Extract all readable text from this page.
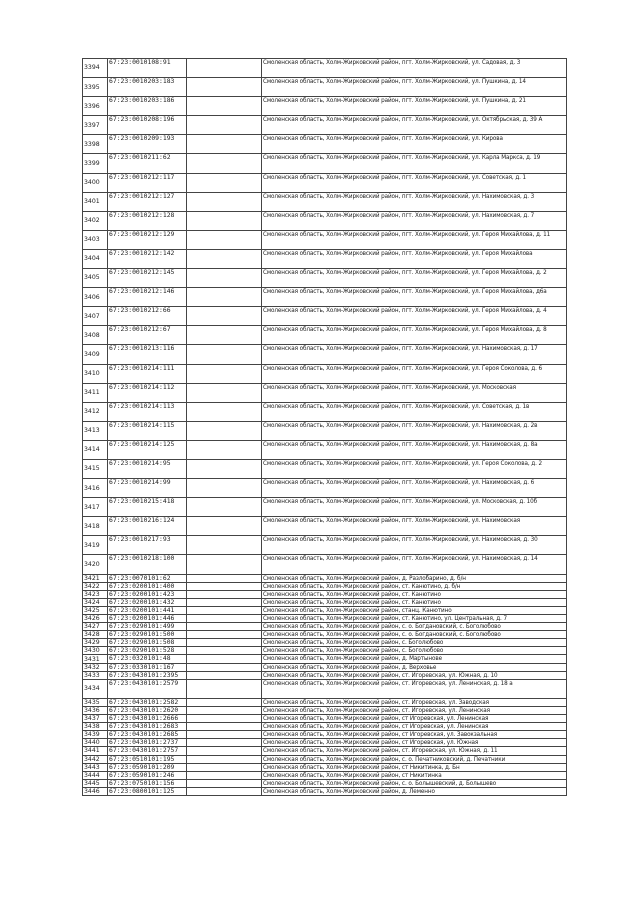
3394	67:23:0010108:91		Смоленская область, Холм-Жирковский район, пгт. Холм-Жирковский, ул. Садовая, д. 3
3395	67:23:0010203:183		Смоленская область, Холм-Жирковский район, пгт. Холм-Жирковский, ул. Пушкина, д. 14
3396	67:23:0010203:186		Смоленская область, Холм-Жирковский район, пгт. Холм-Жирковский, ул. Пушкина, д. 21
3397	67:23:0010208:196		Смоленская область, Холм-Жирковский район, пгт. Холм-Жирковский, ул. Октябрьская, д. 39 А
3398	67:23:0010209:193		Смоленская область, Холм-Жирковский район, пгт. Холм-Жирковский, ул. Кирова
3399	67:23:0010211:62		Смоленская область, Холм-Жирковский район, пгт. Холм-Жирковский, ул. Карла Маркса, д. 19
3400	67:23:0010212:117		Смоленская область, Холм-Жирковский район, пгт. Холм-Жирковский, ул. Советская, д. 1
3401	67:23:0010212:127		Смоленская область, Холм-Жирковский район, пгт. Холм-Жирковский, ул. Нахимовская, д. 3
3402	67:23:0010212:128		Смоленская область, Холм-Жирковский район, пгт. Холм-Жирковский, ул. Нахимовская, д. 7
3403	67:23:0010212:129		Смоленская область, Холм-Жирковский район, пгт. Холм-Жирковский, ул. Героя Михайлова, д. 11
3404	67:23:0010212:142		Смоленская область, Холм-Жирковский район, пгт. Холм-Жирковский, ул. Героя Михайлова
3405	67:23:0010212:145		Смоленская область, Холм-Жирковский район, пгт. Холм-Жирковский, ул. Героя Михайлова, д. 2
3406	67:23:0010212:146		Смоленская область, Холм-Жирковский район, пгт. Холм-Жирковский, ул. Героя Михайлова, д6а
3407	67:23:0010212:66		Смоленская область, Холм-Жирковский район, пгт. Холм-Жирковский, ул. Героя Михайлова, д. 4
3408	67:23:0010212:67		Смоленская область, Холм-Жирковский район, пгт. Холм-Жирковский, ул. Героя Михайлова, д. 8
3409	67:23:0010213:116		Смоленская область, Холм-Жирковский район, пгт. Холм-Жирковский, ул. Нахимовская, д. 17
3410	67:23:0010214:111		Смоленская область, Холм-Жирковский район, пгт. Холм-Жирковский, ул. Героя Соколова, д. 6
3411	67:23:0010214:112		Смоленская область, Холм-Жирковский район, пгт. Холм-Жирковский, ул. Московская
3412	67:23:0010214:113		Смоленская область, Холм-Жирковский район, пгт. Холм-Жирковский, ул. Советская, д. 1в
3413	67:23:0010214:115		Смоленская область, Холм-Жирковский район, пгт. Холм-Жирковский, ул. Нахимовская, д. 2в
3414	67:23:0010214:125		Смоленская область, Холм-Жирковский район, пгт. Холм-Жирковский, ул. Нахимовская, д. 8а
3415	67:23:0010214:95		Смоленская область, Холм-Жирковский район, пгт. Холм-Жирковский, ул. Героя Соколова, д. 2
3416	67:23:0010214:99		Смоленская область, Холм-Жирковский район, пгт. Холм-Жирковский, ул. Нахимовская, д. 6
3417	67:23:0010215:418		Смоленская область, Холм-Жирковский район, пгт. Холм-Жирковский, ул. Московская, д. 10б
3418	67:23:0010216:124		Смоленская область, Холм-Жирковский район, пгт. Холм-Жирковский, ул. Нахимовская
3419	67:23:0010217:93		Смоленская область, Холм-Жирковский район, пгт. Холм-Жирковский, ул. Нахимовская, д. 30
3420	67:23:0010218:100		Смоленская область, Холм-Жирковский район, пгт. Холм-Жирковский, ул. Нахимовская, д. 14
3421	67:23:0070101:62		Смоленская область, Холм-Жирковский район, д. Разлобарино, д. б/н
3422	67:23:0200101:400		Смоленская область, Холм-Жирковский район, ст. Канютино, д. б/н
3423	67:23:0200101:423		Смоленская область, Холм-Жирковский район, ст. Канютино
3424	67:23:0200101:432		Смоленская область, Холм-Жирковский район, ст. Канютино
3425	67:23:0200101:441		Смоленская область, Холм-Жирковский район, станц. Канютино
3426	67:23:0200101:446		Смоленская область, Холм-Жирковский район, ст. Канютино, ул. Центральная, д. 7
3427	67:23:0290101:499		Смоленская область, Холм-Жирковский район, с. о. Богдановский, с. Боголюбово
3428	67:23:0290101:500		Смоленская область, Холм-Жирковский район, с. о. Богдановский, с. Боголюбово
3429	67:23:0290101:508		Смоленская область, Холм-Жирковский район, с. Боголюбово
3430	67:23:0290101:528		Смоленская область, Холм-Жирковский район, с. Боголюбово
3431	67:23:0320101:48		Смоленская область, Холм-Жирковский район, д. Мартынове
3432	67:23:0330101:167		Смоленская область, Холм-Жирковский район, д. Верховье
3433	67:23:0430101:2395		Смоленская область, Холм-Жирковский район, ст. Игоревская, ул. Южная, д. 10
3434	67:23:0430101:2579		Смоленская область, Холм-Жирковский район, ст. Игоревская, ул. Ленинская, д. 18 а
3435	67:23:0430101:2582		Смоленская область, Холм-Жирковский район, ст. Игоревская, ул. Заводская
3436	67:23:0430101:2620		Смоленская область, Холм-Жирковский район, ст. Игоревская, ул. Ленинская
3437	67:23:0430101:2666		Смоленская область, Холм-Жирковский район, ст Игоревская, ул. Ленинская
3438	67:23:0430101:2683		Смоленская область, Холм-Жирковский район, ст Игоревская, ул. Ленинская
3439	67:23:0430101:2685		Смоленская область, Холм-Жирковский район, ст Игоревская, ул. Завокзальная
3440	67:23:0430101:2737		Смоленская область, Холм-Жирковский район, ст Игоревская, ул. Южная
3441	67:23:0430101:2757		Смоленская область, Холм-Жирковский район, ст. Игоревская, ул. Южная, д. 11
3442	67:23:0510101:195		Смоленская область, Холм-Жирковский район, с. о. Печатниковский, д. Печатники
3443	67:23:0590101:209		Смоленская область, Холм-Жирковский район, ст Никитинка, д. Бн
3444	67:23:0590101:246		Смоленская область, Холм-Жирковский район, ст Никитинка
3445	67:23:0750101:156		Смоленская область, Холм-Жирковский район, с. о. Болышевский, д. Болышево
3446	67:23:0800101:125		Смоленская область, Холм-Жирковский район, д. Леменно
